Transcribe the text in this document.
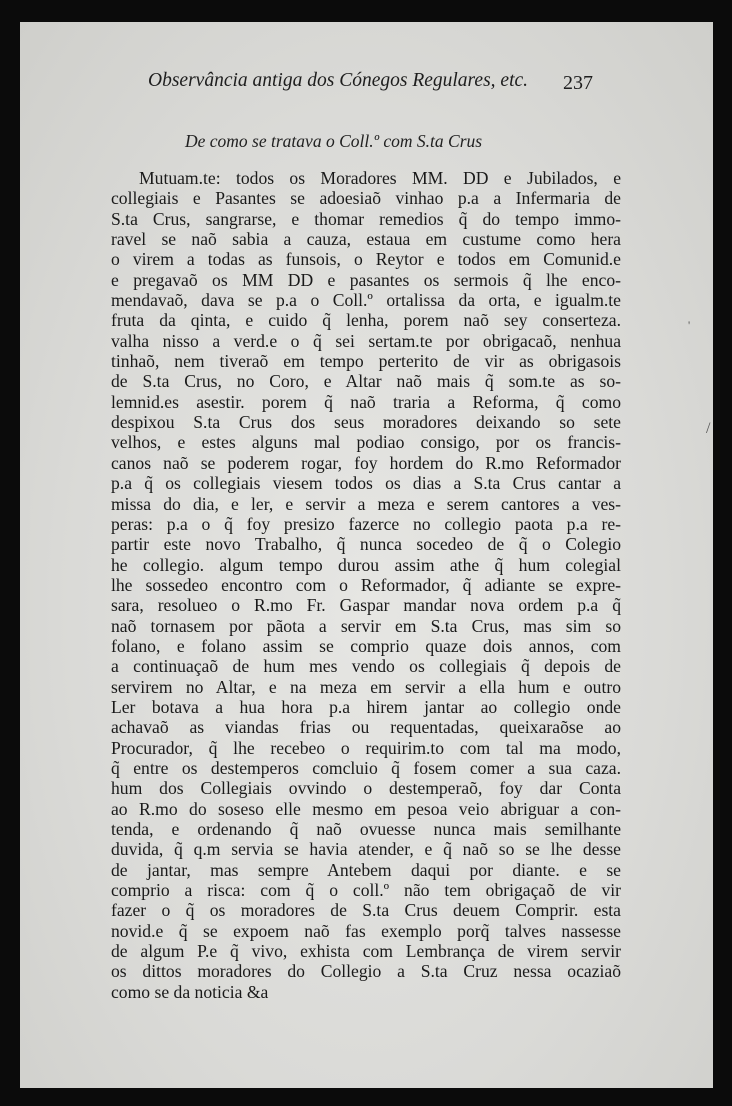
Observância antiga dos Cónegos Regulares, etc.	237
De como se tratava o Coll.º com S.ta Crus
Mutuam.te: todos os Moradores MM. DD e Jubilados, e
collegiais e Pasantes se adoesiaõ vinhao p.a a Infermaria de
S.ta Crus, sangrarse, e thomar remedios q̃ do tempo immo-
ravel se naõ sabia a cauza, estaua em custume como hera
o virem a todas as funsois, o Reytor e todos em Comunid.e
e pregavaõ os MM DD e pasantes os sermois q̃ lhe enco-
mendavaõ, dava se p.a o Coll.º ortalissa da orta, e igualm.te
fruta da qinta, e cuido q̃ lenha, porem naõ sey conserteza.
valha nisso a verd.e o q̃ sei sertam.te por obrigacaõ, nenhua
tinhaõ, nem tiveraõ em tempo perterito de vir as obrigasois
de S.ta Crus, no Coro, e Altar naõ mais q̃ som.te as so-
lemnid.es asestir. porem q̃ naõ traria a Reforma, q̃ como
despixou S.ta Crus dos seus moradores deixando so sete
velhos, e estes alguns mal podiao consigo, por os francis-
canos naõ se poderem rogar, foy hordem do R.mo Reformador
p.a q̃ os collegiais viesem todos os dias a S.ta Crus cantar a
missa do dia, e ler, e servir a meza e serem cantores a ves-
peras: p.a o q̃ foy presizo fazerce no collegio paota p.a re-
partir este novo Trabalho, q̃ nunca socedeo de q̃ o Colegio
he collegio. algum tempo durou assim athe q̃ hum colegial
lhe sossedeo encontro com o Reformador, q̃ adiante se expre-
sara, resolueo o R.mo Fr. Gaspar mandar nova ordem p.a q̃
naõ tornasem por pãota a servir em S.ta Crus, mas sim so
folano, e folano assim se comprio quaze dois annos, com
a continuaçaõ de hum mes vendo os collegiais q̃ depois de
servirem no Altar, e na meza em servir a ella hum e outro
Ler botava a hua hora p.a hirem jantar ao collegio onde
achavaõ as viandas frias ou requentadas, queixaraõse ao
Procurador, q̃ lhe recebeo o requirim.to com tal ma modo,
q̃ entre os destemperos comcluio q̃ fosem comer a sua caza.
hum dos Collegiais ovvindo o destemperaõ, foy dar Conta
ao R.mo do soseso elle mesmo em pesoa veio abriguar a con-
tenda, e ordenando q̃ naõ ovuesse nunca mais semilhante
duvida, q̃ q.m servia se havia atender, e q̃ naõ so se lhe desse
de jantar, mas sempre Antebem daqui por diante. e se
comprio a risca: com q̃ o coll.º não tem obrigaçaõ de vir
fazer o q̃ os moradores de S.ta Crus deuem Comprir. esta
novid.e q̃ se expoem naõ fas exemplo porq̃ talves nassesse
de algum P.e q̃ vivo, exhista com Lembrança de virem servir
os dittos moradores do Collegio a S.ta Cruz nessa ocaziaõ
como se da noticia &a
'
/
